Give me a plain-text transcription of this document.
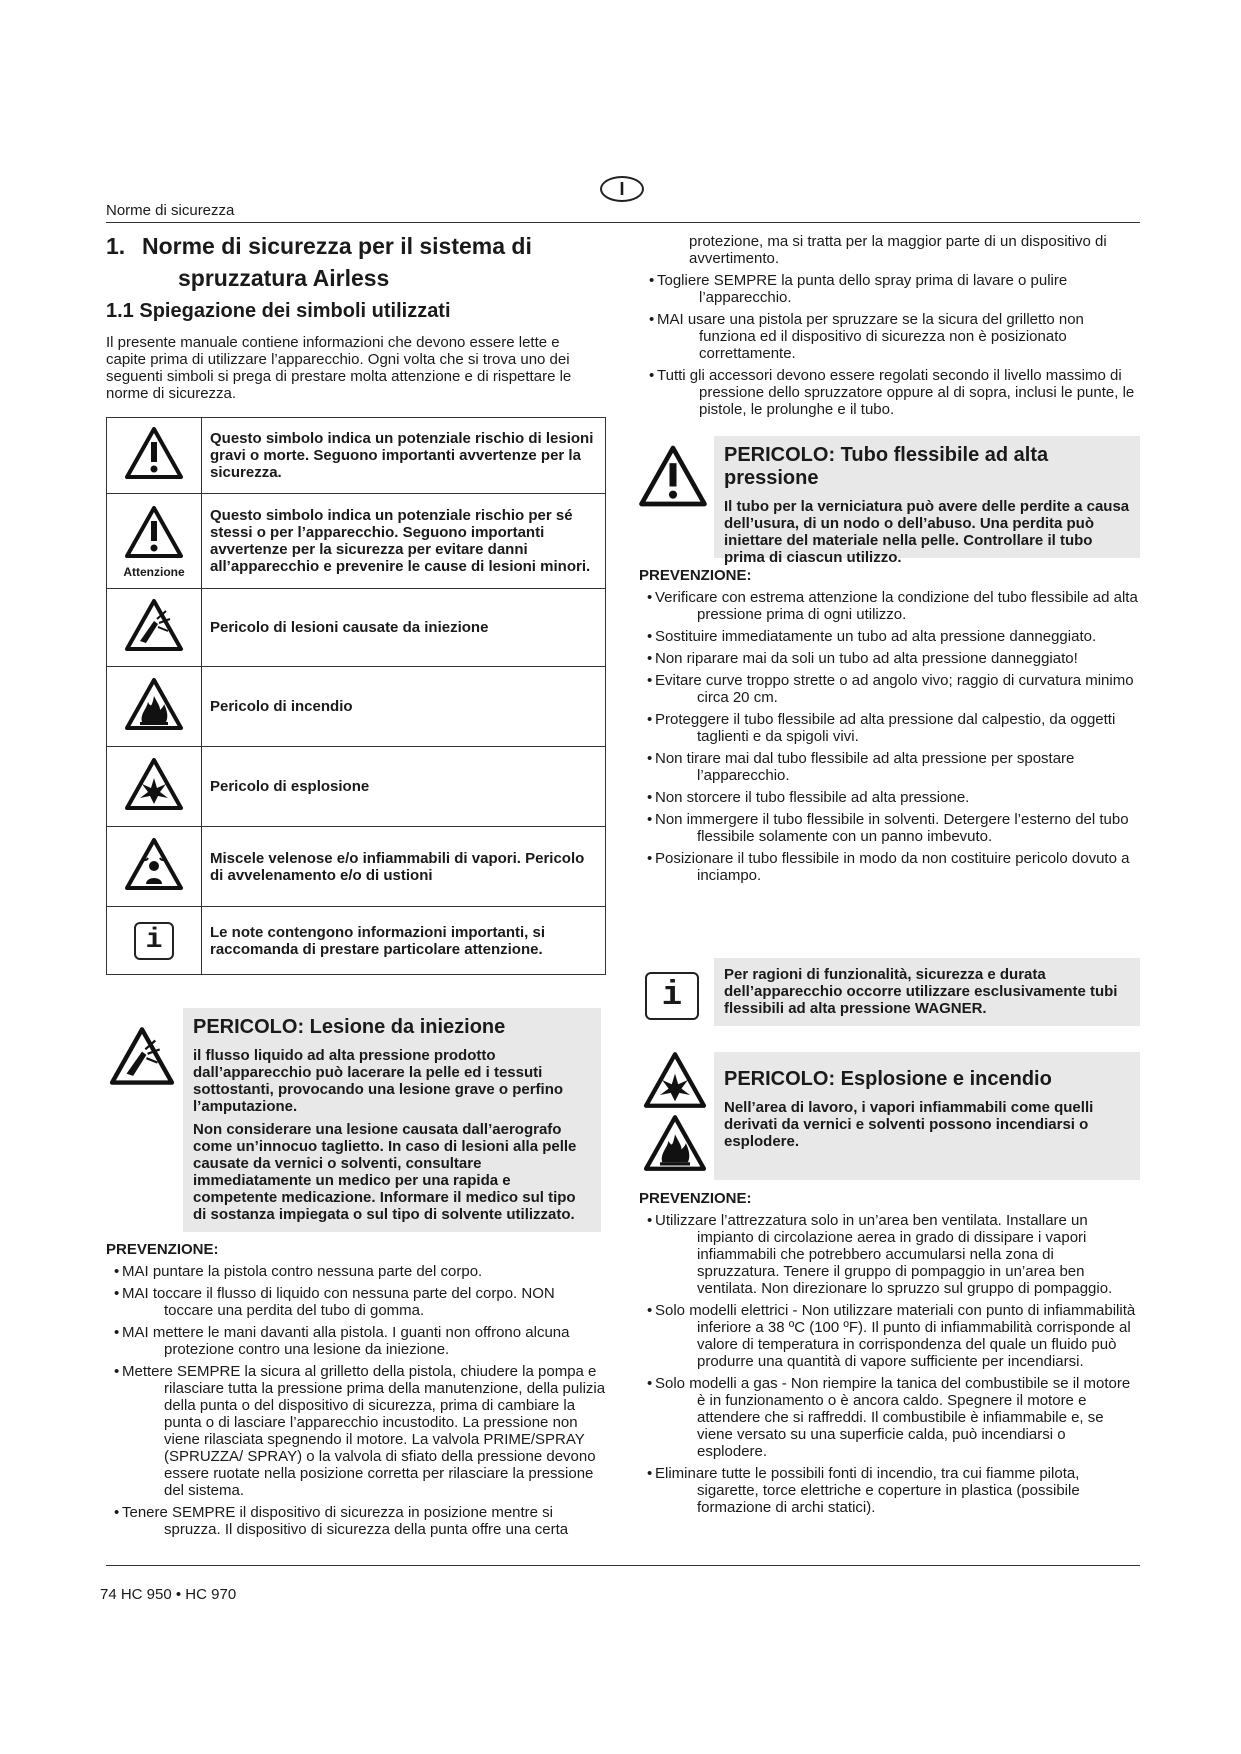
I
Norme di sicurezza
1. Norme di sicurezza per il sistema di
spruzzatura Airless
1.1 Spiegazione dei simboli utilizzati

Il presente manuale contiene informazioni che devono essere lette e capite prima di utilizzare l’apparecchio. Ogni volta che si trova uno dei seguenti simboli si prega di prestare molta attenzione e di rispettare le norme di sicurezza.

	Questo simbolo indica un potenziale rischio di lesioni gravi o morte. Seguono importanti avvertenze per la sicurezza.

Attenzione	Questo simbolo indica un potenziale rischio per sé stessi o per l’apparecchio. Seguono importanti avvertenze per la sicurezza per evitare danni all’apparecchio e prevenire le cause di lesioni minori.
	Pericolo di lesioni causate da iniezione
	Pericolo di incendio
	Pericolo di esplosione
	Miscele velenose e/o infiammabili di vapori. Pericolo di avvelenamento e/o di ustioni

i	Le note contengono informazioni importanti, si raccomanda di prestare particolare attenzione.
PERICOLO: Lesione da iniezione

il flusso liquido ad alta pressione prodotto dall’apparecchio può lacerare la pelle ed i tessuti sottostanti, provocando una lesione grave o perfino l’amputazione.

Non considerare una lesione causata dall’aerografo come un’innocuo taglietto. In caso di lesioni alla pelle causate da vernici o solventi, consultare immediatamente un medico per una rapida e competente medicazione. Informare il medico sul tipo di sostanza impiegata o sul tipo di solvente utilizzato.

PREVENZIONE:
• MAI puntare la pistola contro nessuna parte del corpo.
• MAI toccare il flusso di liquido con nessuna parte del corpo. NON toccare una perdita del tubo di gomma.
• MAI mettere le mani davanti alla pistola. I guanti non offrono alcuna protezione contro una lesione da iniezione.
• Mettere SEMPRE la sicura al grilletto della pistola, chiudere la pompa e rilasciare tutta la pressione prima della manutenzione, della pulizia della punta o del dispositivo di sicurezza, prima di cambiare la punta o di lasciare l’apparecchio incustodito. La pressione non viene rilasciata spegnendo il motore. La valvola PRIME/SPRAY (SPRUZZA/ SPRAY) o la valvola di sfiato della pressione devono essere ruotate nella posizione corretta per rilasciare la pressione del sistema.
• Tenere SEMPRE il dispositivo di sicurezza in posizione mentre si spruzza. Il dispositivo di sicurezza della punta offre una certa

protezione, ma si tratta per la maggior parte di un dispositivo di avvertimento.

• Togliere SEMPRE la punta dello spray prima di lavare o pulire l’apparecchio.
• MAI usare una pistola per spruzzare se la sicura del grilletto non funziona ed il dispositivo di sicurezza non è posizionato correttamente.
• Tutti gli accessori devono essere regolati secondo il livello massimo di pressione dello spruzzatore oppure al di sopra, inclusi le punte, le pistole, le prolunghe e il tubo.
PERICOLO: Tubo flessibile ad alta pressione

Il tubo per la verniciatura può avere delle perdite a causa dell’usura, di un nodo o dell’abuso. Una perdita può iniettare del materiale nella pelle. Controllare il tubo prima di ciascun utilizzo.

PREVENZIONE:
• Verificare con estrema attenzione la condizione del tubo flessibile ad alta pressione prima di ogni utilizzo.
• Sostituire immediatamente un tubo ad alta pressione danneggiato.
• Non riparare mai da soli un tubo ad alta pressione danneggiato!
• Evitare curve troppo strette o ad angolo vivo; raggio di curvatura minimo circa 20 cm.
• Proteggere il tubo flessibile ad alta pressione dal calpestio, da oggetti taglienti e da spigoli vivi.
• Non tirare mai dal tubo flessibile ad alta pressione per spostare l’apparecchio.
• Non storcere il tubo flessibile ad alta pressione.
• Non immergere il tubo flessibile in solventi. Detergere l’esterno del tubo flessibile solamente con un panno imbevuto.
• Posizionare il tubo flessibile in modo da non costituire pericolo dovuto a inciampo.
i

Per ragioni di funzionalità, sicurezza e durata dell’apparecchio occorre utilizzare esclusivamente tubi flessibili ad alta pressione WAGNER.

PERICOLO: Esplosione e incendio

Nell’area di lavoro, i vapori infiammabili come quelli derivati da vernici e solventi possono incendiarsi o esplodere.

PREVENZIONE:
• Utilizzare l’attrezzatura solo in un’area ben ventilata. Installare un impianto di circolazione aerea in grado di dissipare i vapori infiammabili che potrebbero accumularsi nella zona di spruzzatura. Tenere il gruppo di pompaggio in un’area ben ventilata. Non direzionare lo spruzzo sul gruppo di pompaggio.
• Solo modelli elettrici - Non utilizzare materiali con punto di infiammabilità inferiore a 38 ºC (100 ºF). Il punto di infiammabilità corrisponde al valore di temperatura in corrispondenza del quale un fluido può produrre una quantità di vapore sufficiente per incendiarsi.
• Solo modelli a gas - Non riempire la tanica del combustibile se il motore è in funzionamento o è ancora caldo. Spegnere il motore e attendere che si raffreddi. Il combustibile è infiammabile e, se viene versato su una superficie calda, può incendiarsi o esplodere.
• Eliminare tutte le possibili fonti di incendio, tra cui fiamme pilota, sigarette, torce elettriche e coperture in plastica (possibile formazione di archi statici).
74 HC 950 • HC 970
